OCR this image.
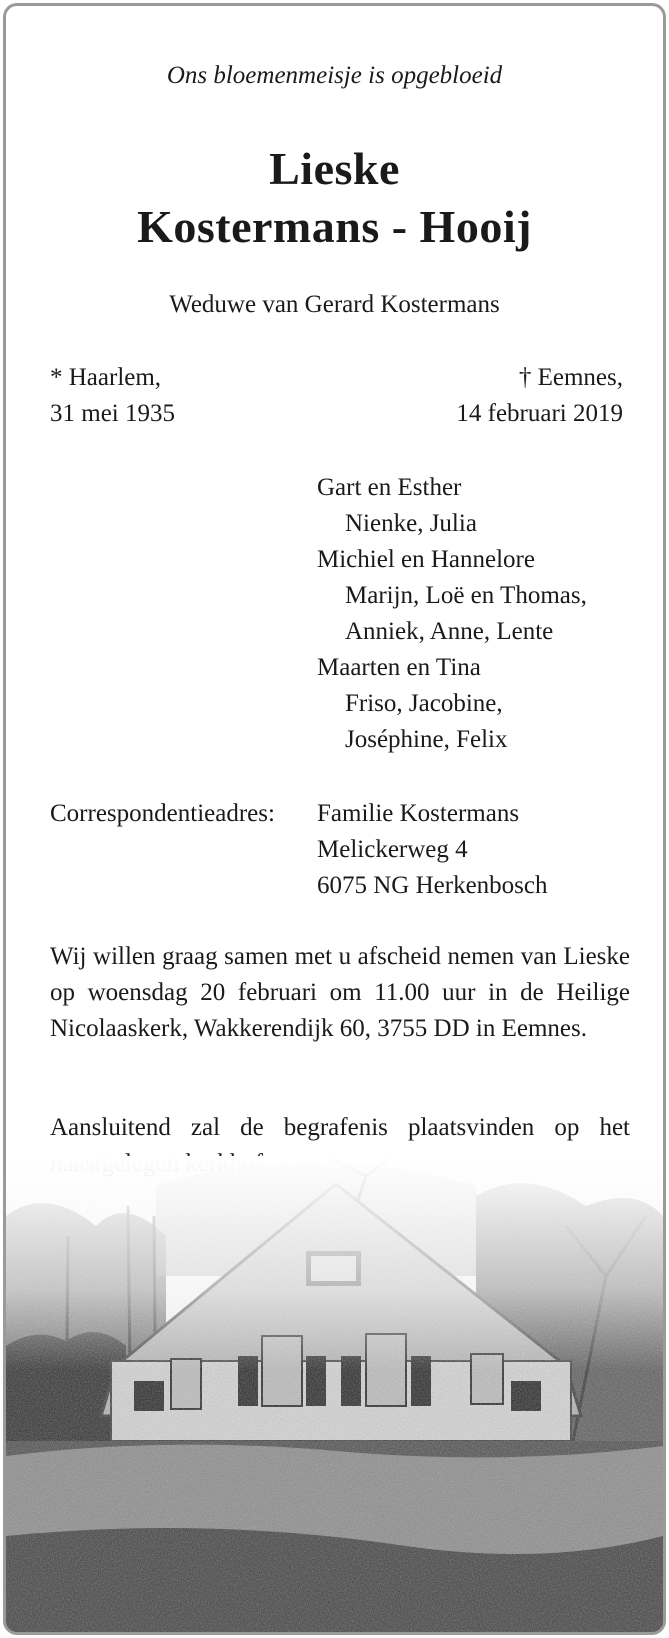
Ons bloemenmeisje is opgebloeid
Lieske
Kostermans - Hooij
Weduwe van Gerard Kostermans
* Haarlem,
31 mei 1935
† Eemnes,
14 februari 2019
Gart en Esther
Nienke, Julia
Michiel en Hannelore
Marijn, Loë en Thomas,
Anniek, Anne, Lente
Maarten en Tina
Friso, Jacobine,
Joséphine, Felix
Correspondentieadres: Familie Kostermans
Melickerweg 4
6075 NG Herkenbosch
Wij willen graag samen met u afscheid nemen van Lieske op woensdag 20 februari om 11.00 uur in de Heilige Nicolaaskerk, Wakkerendijk 60, 3755 DD in Eemnes.
Aansluitend zal de begrafenis plaatsvinden op het
